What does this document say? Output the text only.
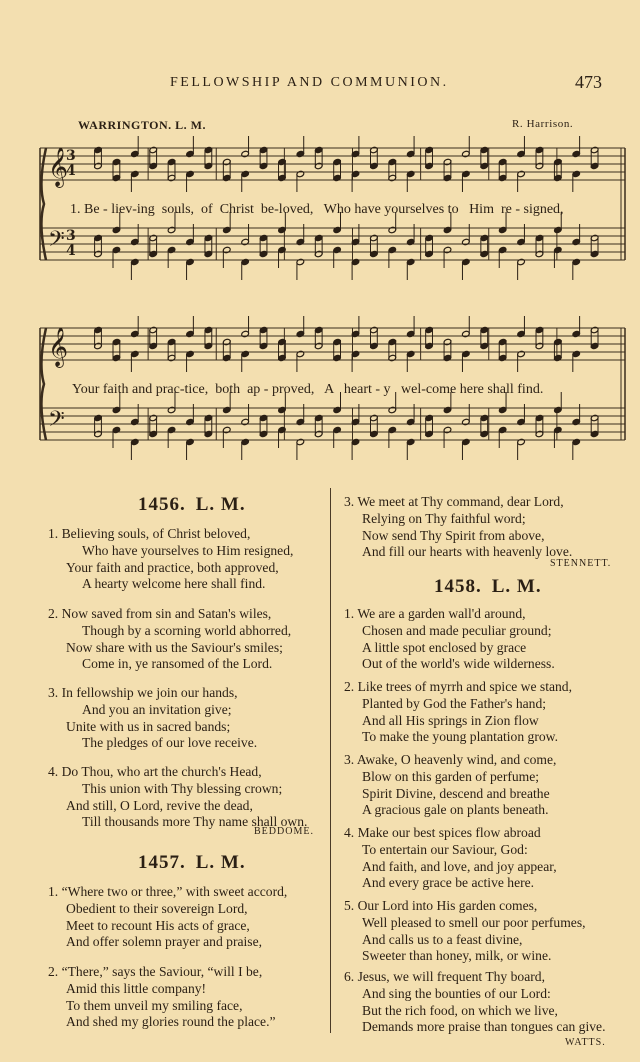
FELLOWSHIP AND COMMUNION.	473
WARRINGTON. L. M.	R. Harrison.
𝄞
𝄢
𝄞
𝄢
3
4
3
4
1. Be - liev-ing  souls,  of  Christ  be-loved,   Who have yourselves to   Him  re - signed,
Your faith and prac-tice,  both  ap - proved,   A   heart - y   wel-come here shall find.
1456. L. M.
1. Believing souls, of Christ beloved,
Who have yourselves to Him resigned,
Your faith and practice, both approved,
A hearty welcome here shall find.
2. Now saved from sin and Satan's wiles,
Though by a scorning world abhorred,
Now share with us the Saviour's smiles;
Come in, ye ransomed of the Lord.
3. In fellowship we join our hands,
And you an invitation give;
Unite with us in sacred bands;
The pledges of our love receive.
4. Do Thou, who art the church's Head,
This union with Thy blessing crown;
And still, O Lord, revive the dead,
Till thousands more Thy name shall own.
BEDDOME.
1457. L. M.
1. “Where two or three,” with sweet accord,
Obedient to their sovereign Lord,
Meet to recount His acts of grace,
And offer solemn prayer and praise,
2. “There,” says the Saviour, “will I be,
Amid this little company!
To them unveil my smiling face,
And shed my glories round the place.”
3. We meet at Thy command, dear Lord,
Relying on Thy faithful word;
Now send Thy Spirit from above,
And fill our hearts with heavenly love.
STENNETT.
1458. L. M.
1. We are a garden wall'd around,
Chosen and made peculiar ground;
A little spot enclosed by grace
Out of the world's wide wilderness.
2. Like trees of myrrh and spice we stand,
Planted by God the Father's hand;
And all His springs in Zion flow
To make the young plantation grow.
3. Awake, O heavenly wind, and come,
Blow on this garden of perfume;
Spirit Divine, descend and breathe
A gracious gale on plants beneath.
4. Make our best spices flow abroad
To entertain our Saviour, God:
And faith, and love, and joy appear,
And every grace be active here.
5. Our Lord into His garden comes,
Well pleased to smell our poor perfumes,
And calls us to a feast divine,
Sweeter than honey, milk, or wine.
6. Jesus, we will frequent Thy board,
And sing the bounties of our Lord:
But the rich food, on which we live,
Demands more praise than tongues can give.
WATTS.
